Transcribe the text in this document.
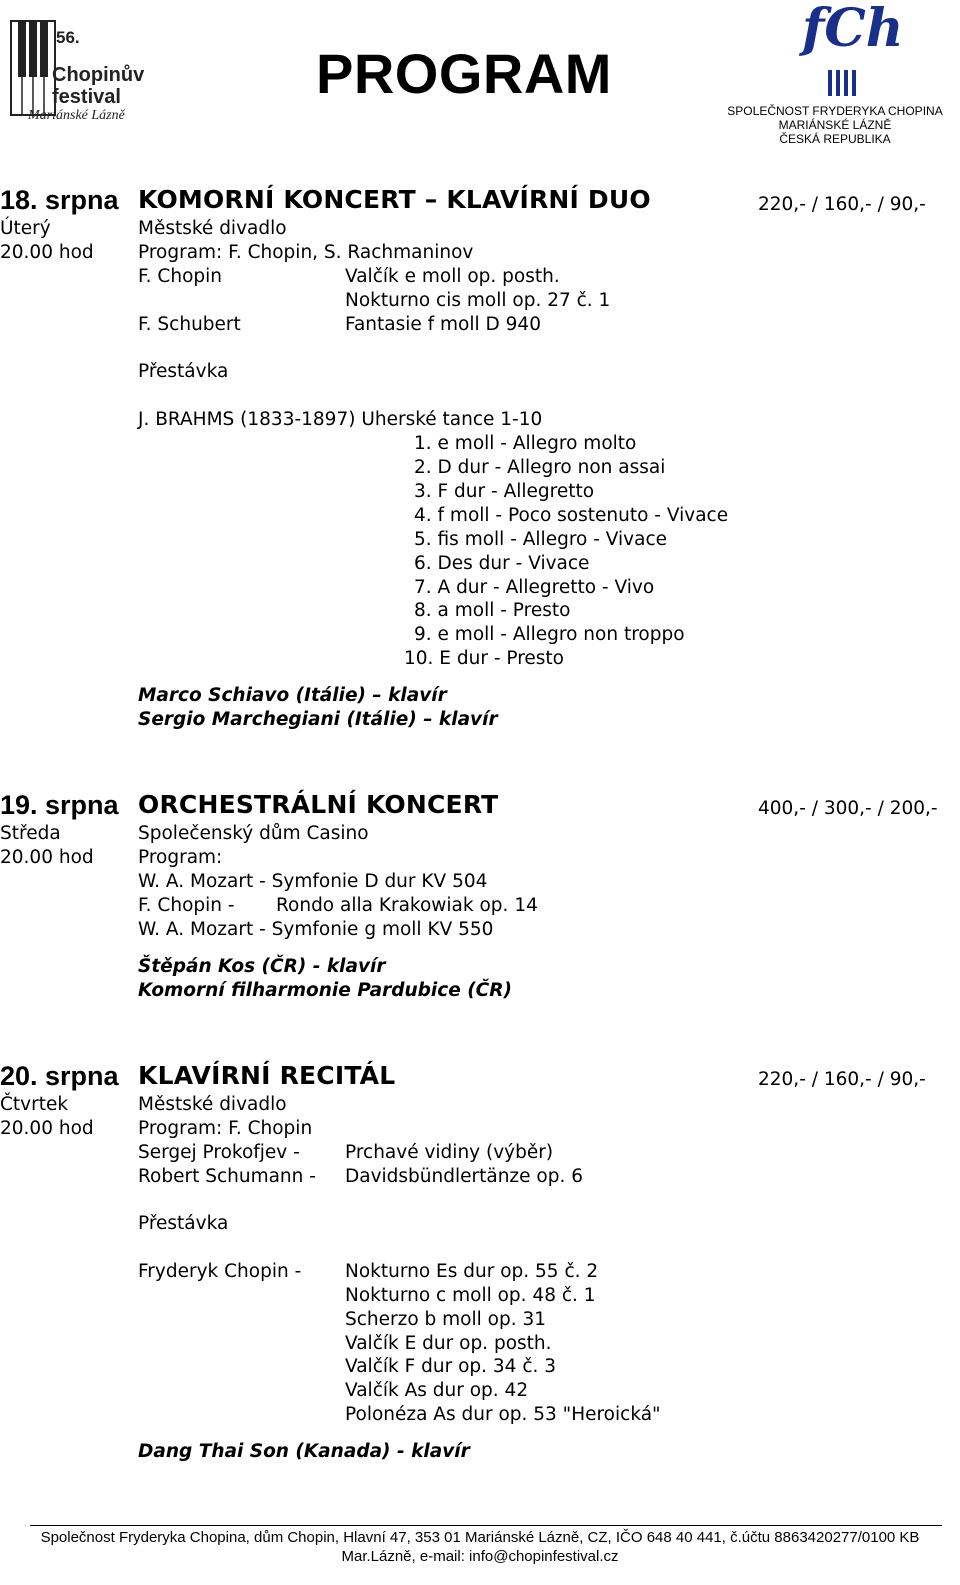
56.
Chopinův
festival
Mariánské Lázně
PROGRAM
fCh
SPOLEČNOST FRYDERYKA CHOPINA
MARIÁNSKÉ LÁZNĚ
ČESKÁ REPUBLIKA
18. srpna KOMORNÍ KONCERT – KLAVÍRNÍ DUO	220,- / 160,- / 90,-
Úterý	Městské divadlo
20.00 hod Program: F. Chopin, S. Rachmaninov
F. Chopin	Valčík e moll op. posth.
Nokturno cis moll op. 27 č. 1
F. Schubert	Fantasie f moll D 940
Přestávka
J. BRAHMS (1833-1897) Uherské tance 1-10
1. e moll - Allegro molto
2. D dur - Allegro non assai
3. F dur - Allegretto
4. f moll - Poco sostenuto - Vivace
5. fis moll - Allegro - Vivace
6. Des dur - Vivace
7. A dur - Allegretto - Vivo
8. a moll - Presto
9. e moll - Allegro non troppo
10. E dur - Presto
Marco Schiavo (Itálie) – klavír
Sergio Marchegiani (Itálie) – klavír
19. srpna ORCHESTRÁLNÍ KONCERT	400,- / 300,- / 200,-
Středa	Společenský dům Casino
20.00 hod Program:
W. A. Mozart - Symfonie D dur KV 504
F. Chopin - Rondo alla Krakowiak op. 14
W. A. Mozart - Symfonie g moll KV 550
Štěpán Kos (ČR) - klavír
Komorní filharmonie Pardubice (ČR)
20. srpna KLAVÍRNÍ RECITÁL	220,- / 160,- / 90,-
Čtvrtek	Městské divadlo
20.00 hod Program: F. Chopin
Sergej Prokofjev - Prchavé vidiny (výběr)
Robert Schumann - Davidsbündlertänze op. 6
Přestávka
Fryderyk Chopin - Nokturno Es dur op. 55 č. 2
Nokturno c moll op. 48 č. 1
Scherzo b moll op. 31
Valčík E dur op. posth.
Valčík F dur op. 34 č. 3
Valčík As dur op. 42
Polonéza As dur op. 53 "Heroická"
Dang Thai Son (Kanada) - klavír
Společnost Fryderyka Chopina, dům Chopin, Hlavní 47, 353 01 Mariánské Lázně, CZ, IČO 648 40 441, č.účtu 8863420277/0100 KB
Mar.Lázně, e-mail: info@chopinfestival.cz
